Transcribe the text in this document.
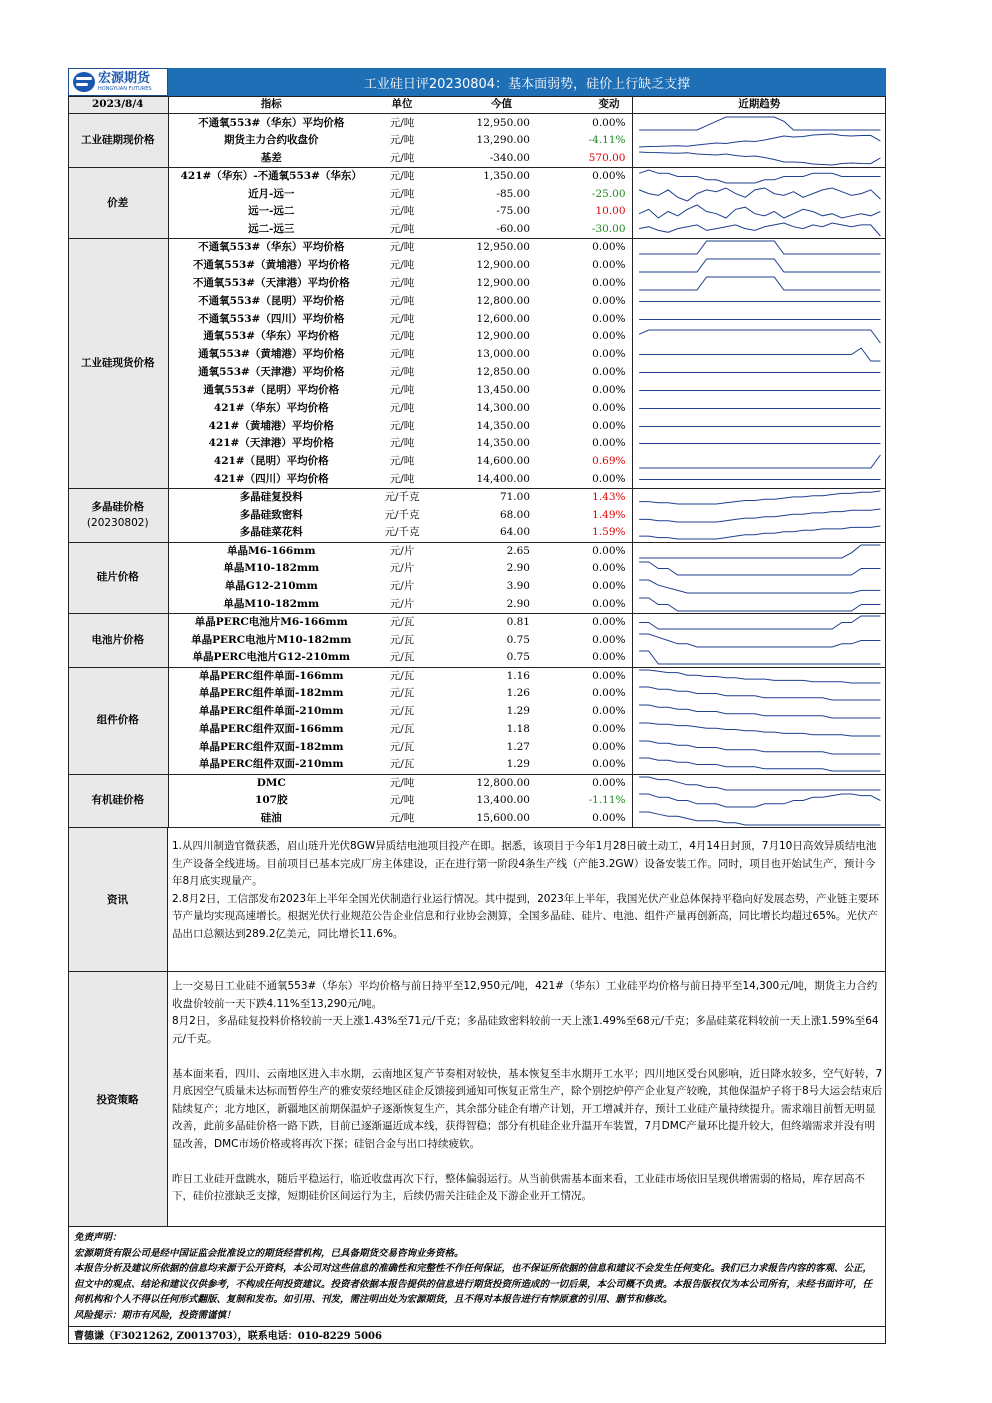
宏源期货
HONGYUAN FUTURES	工业硅日评20230804：基本面弱势，硅价上行缺乏支撑
2023/8/4	指标	单位	今值	变动	近期趋势

工业硅期现价格	不通氧553#（华东）平均价格	元/吨	12,950.00	0.00%	

	期货主力合约收盘价	元/吨	13,290.00	-4.11%	

	基差	元/吨	-340.00	570.00	

价差	421#（华东）-不通氧553#（华东）	元/吨	1,350.00	0.00%	

	近月-远一	元/吨	-85.00	-25.00	

	远一-远二	元/吨	-75.00	10.00	

	远二-远三	元/吨	-60.00	-30.00	

工业硅现货价格	不通氧553#（华东）平均价格	元/吨	12,950.00	0.00%	

	不通氧553#（黄埔港）平均价格	元/吨	12,900.00	0.00%	

	不通氧553#（天津港）平均价格	元/吨	12,900.00	0.00%	

	不通氧553#（昆明）平均价格	元/吨	12,800.00	0.00%	

	不通氧553#（四川）平均价格	元/吨	12,600.00	0.00%	

	通氧553#（华东）平均价格	元/吨	12,900.00	0.00%	

	通氧553#（黄埔港）平均价格	元/吨	13,000.00	0.00%	

	通氧553#（天津港）平均价格	元/吨	12,850.00	0.00%	

	通氧553#（昆明）平均价格	元/吨	13,450.00	0.00%	

	421#（华东）平均价格	元/吨	14,300.00	0.00%	

	421#（黄埔港）平均价格	元/吨	14,350.00	0.00%	

	421#（天津港）平均价格	元/吨	14,350.00	0.00%	

	421#（昆明）平均价格	元/吨	14,600.00	0.69%	

	421#（四川）平均价格	元/吨	14,400.00	0.00%	

多晶硅价格
(20230802)	多晶硅复投料	元/千克	71.00	1.43%	

	多晶硅致密料	元/千克	68.00	1.49%	

	多晶硅菜花料	元/千克	64.00	1.59%	

硅片价格	单晶M6-166mm	元/片	2.65	0.00%	

	单晶M10-182mm	元/片	2.90	0.00%	

	单晶G12-210mm	元/片	3.90	0.00%	

	单晶M10-182mm	元/片	2.90	0.00%	

电池片价格	单晶PERC电池片M6-166mm	元/瓦	0.81	0.00%	

	单晶PERC电池片M10-182mm	元/瓦	0.75	0.00%	

	单晶PERC电池片G12-210mm	元/瓦	0.75	0.00%	

组件价格	单晶PERC组件单面-166mm	元/瓦	1.16	0.00%	

	单晶PERC组件单面-182mm	元/瓦	1.26	0.00%	

	单晶PERC组件单面-210mm	元/瓦	1.29	0.00%	

	单晶PERC组件双面-166mm	元/瓦	1.18	0.00%	

	单晶PERC组件双面-182mm	元/瓦	1.27	0.00%	

	单晶PERC组件双面-210mm	元/瓦	1.29	0.00%	

有机硅价格	DMC	元/吨	12,800.00	0.00%	

	107胶	元/吨	13,400.00	-1.11%	

	硅油	元/吨	15,600.00	0.00%	
资讯

1.从四川制造官微获悉，眉山琏升光伏8GW异质结电池项目投产在即。据悉，该项目于今年1月28日破土动工，4月14日封顶，7月10日高效异质结电池生产设备全线进场。目前项目已基本完成厂房主体建设，正在进行第一阶段4条生产线（产能3.2GW）设备安装工作。同时，项目也开始试生产，预计今年8月底实现量产。

2.8月2日，工信部发布2023年上半年全国光伏制造行业运行情况。其中提到，2023年上半年，我国光伏产业总体保持平稳向好发展态势，产业链主要环节产量均实现高速增长。根据光伏行业规范公告企业信息和行业协会测算，全国多晶硅、硅片、电池、组件产量再创新高，同比增长均超过65%。光伏产品出口总额达到289.2亿美元，同比增长11.6%。

投资策略

上一交易日工业硅不通氧553#（华东）平均价格与前日持平至12,950元/吨，421#（华东）工业硅平均价格与前日持平至14,300元/吨，期货主力合约收盘价较前一天下跌4.11%至13,290元/吨。

8月2日，多晶硅复投料价格较前一天上涨1.43%至71元/千克；多晶硅致密料较前一天上涨1.49%至68元/千克；多晶硅菜花料较前一天上涨1.59%至64元/千克。

基本面来看，四川、云南地区进入丰水期，云南地区复产节奏相对较快，基本恢复至丰水期开工水平；四川地区受台风影响，近日降水较多，空气好转，7月底因空气质量未达标而暂停生产的雅安荥经地区硅企反馈接到通知可恢复正常生产，除个别挖炉停产企业复产较晚，其他保温炉子将于8号大运会结束后陆续复产；北方地区，新疆地区前期保温炉子逐渐恢复生产，其余部分硅企有增产计划，开工增减并存，预计工业硅产量持续提升。需求端目前暂无明显改善，此前多晶硅价格一路下跌，目前已逐渐逼近成本线，获得智稳；部分有机硅企业升温开车装置，7月DMC产量环比提升较大，但终端需求并没有明显改善，DMC市场价格或将再次下探；硅铝合金与出口持续疲软。

昨日工业硅开盘跳水，随后平稳运行，临近收盘再次下行，整体偏弱运行。从当前供需基本面来看，工业硅市场依旧呈现供增需弱的格局，库存居高不下，硅价拉涨缺乏支撑，短期硅价区间运行为主，后续仍需关注硅企及下游企业开工情况。

免责声明：
宏源期货有限公司是经中国证监会批准设立的期货经营机构，已具备期货交易咨询业务资格。
本报告分析及建议所依据的信息均来源于公开资料，本公司对这些信息的准确性和完整性不作任何保证，也不保证所依据的信息和建议不会发生任何变化。我们已力求报告内容的客观、公正，但文中的观点、结论和建议仅供参考，不构成任何投资建议。投资者依据本报告提供的信息进行期货投资所造成的一切后果，本公司概不负责。本报告版权仅为本公司所有，未经书面许可，任何机构和个人不得以任何形式翻版、复制和发布。如引用、刊发，需注明出处为宏源期货，且不得对本报告进行有悖原意的引用、删节和修改。
风险提示：期市有风险，投资需谨慎！
曹德谦（F3021262, Z0013703），联系电话：010-8229 5006
